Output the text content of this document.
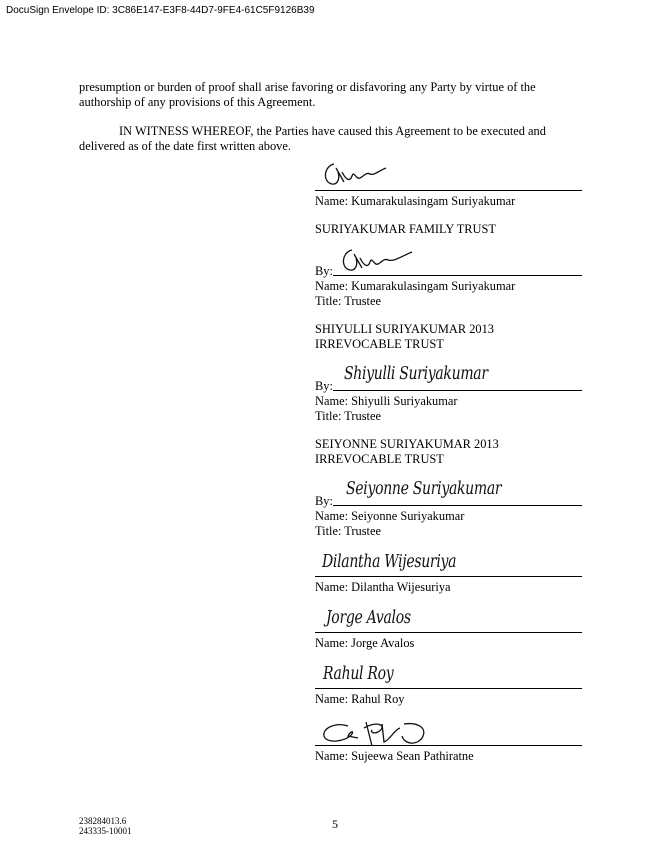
DocuSign Envelope ID: 3C86E147-E3F8-44D7-9FE4-61C5F9126B39
presumption or burden of proof shall arise favoring or disfavoring any Party by virtue of the authorship of any provisions of this Agreement.
IN WITNESS WHEREOF, the Parties have caused this Agreement to be executed and delivered as of the date first written above.
Name: Kumarakulasingam Suriyakumar
SURIYAKUMAR FAMILY TRUST
By:
Name: Kumarakulasingam Suriyakumar
Title: Trustee
SHIYULLI SURIYAKUMAR 2013
IRREVOCABLE TRUST
Shiyulli Suriyakumar
By:
Name: Shiyulli Suriyakumar
Title: Trustee
SEIYONNE SURIYAKUMAR 2013
IRREVOCABLE TRUST
Seiyonne Suriyakumar
By:
Name: Seiyonne Suriyakumar
Title: Trustee
Dilantha Wijesuriya
Name: Dilantha Wijesuriya
Jorge Avalos
Name: Jorge Avalos
Rahul Roy
Name: Rahul Roy
Name: Sujeewa Sean Pathiratne
238284013.6
243335-10001	5
